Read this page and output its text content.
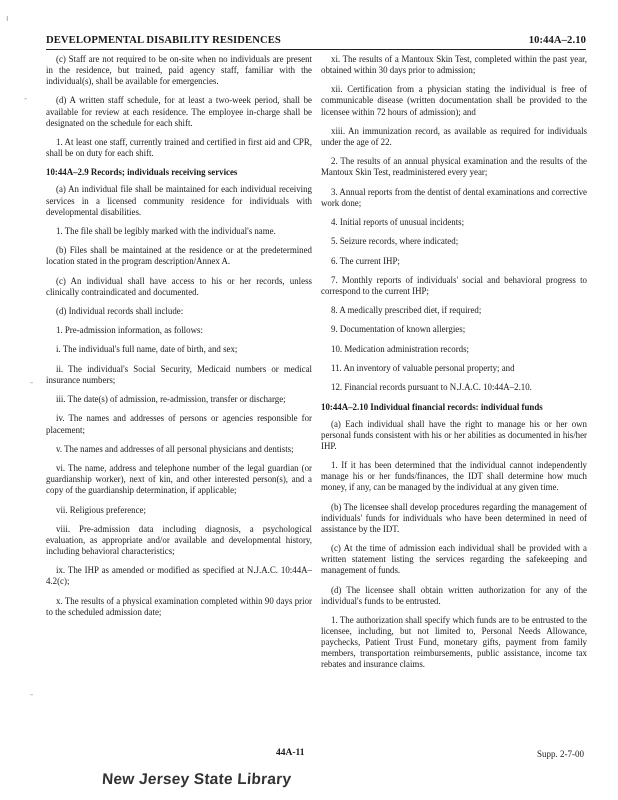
DEVELOPMENTAL DISABILITY RESIDENCES	10:44A–2.10

(c) Staff are not required to be on-site when no individuals are present in the residence, but trained, paid agency staff, familiar with the individual(s), shall be available for emergencies.

(d) A written staff schedule, for at least a two-week period, shall be available for review at each residence. The employee in-charge shall be designated on the schedule for each shift.

1. At least one staff, currently trained and certified in first aid and CPR, shall be on duty for each shift.

10:44A–2.9 Records; individuals receiving services

(a) An individual file shall be maintained for each individual receiving services in a licensed community residence for individuals with developmental disabilities.

1. The file shall be legibly marked with the individual's name.

(b) Files shall be maintained at the residence or at the predetermined location stated in the program description/Annex A.

(c) An individual shall have access to his or her records, unless clinically contraindicated and documented.

(d) Individual records shall include:

1. Pre-admission information, as follows:

i. The individual's full name, date of birth, and sex;

ii. The individual's Social Security, Medicaid numbers or medical insurance numbers;

iii. The date(s) of admission, re-admission, transfer or discharge;

iv. The names and addresses of persons or agencies responsible for placement;

v. The names and addresses of all personal physicians and dentists;

vi. The name, address and telephone number of the legal guardian (or guardianship worker), next of kin, and other interested person(s), and a copy of the guardianship determination, if applicable;

vii. Religious preference;

viii. Pre-admission data including diagnosis, a psychological evaluation, as appropriate and/or available and developmental history, including behavioral characteristics;

ix. The IHP as amended or modified as specified at N.J.A.C. 10:44A–4.2(c);

x. The results of a physical examination completed within 90 days prior to the scheduled admission date;

xi. The results of a Mantoux Skin Test, completed within the past year, obtained within 30 days prior to admission;

xii. Certification from a physician stating the individual is free of communicable disease (written documentation shall be provided to the licensee within 72 hours of admission); and

xiii. An immunization record, as available as required for individuals under the age of 22.

2. The results of an annual physical examination and the results of the Mantoux Skin Test, readministered every year;

3. Annual reports from the dentist of dental examinations and corrective work done;

4. Initial reports of unusual incidents;

5. Seizure records, where indicated;

6. The current IHP;

7. Monthly reports of individuals' social and behavioral progress to correspond to the current IHP;

8. A medically prescribed diet, if required;

9. Documentation of known allergies;

10. Medication administration records;

11. An inventory of valuable personal property; and

12. Financial records pursuant to N.J.A.C. 10:44A–2.10.

10:44A–2.10 Individual financial records: individual funds

(a) Each individual shall have the right to manage his or her own personal funds consistent with his or her abilities as documented in his/her IHP.

1. If it has been determined that the individual cannot independently manage his or her funds/finances, the IDT shall determine how much money, if any, can be managed by the individual at any given time.

(b) The licensee shall develop procedures regarding the management of individuals' funds for individuals who have been determined in need of assistance by the IDT.

(c) At the time of admission each individual shall be provided with a written statement listing the services regarding the safekeeping and management of funds.

(d) The licensee shall obtain written authorization for any of the individual's funds to be entrusted.

1. The authorization shall specify which funds are to be entrusted to the licensee, including, but not limited to, Personal Needs Allowance, paychecks, Patient Trust Fund, monetary gifts, payment from family members, transportation reimbursements, public assistance, income tax rebates and insurance claims.

44A-11	Supp. 2-7-00
New Jersey State Library
ı
‐
‐
‐
